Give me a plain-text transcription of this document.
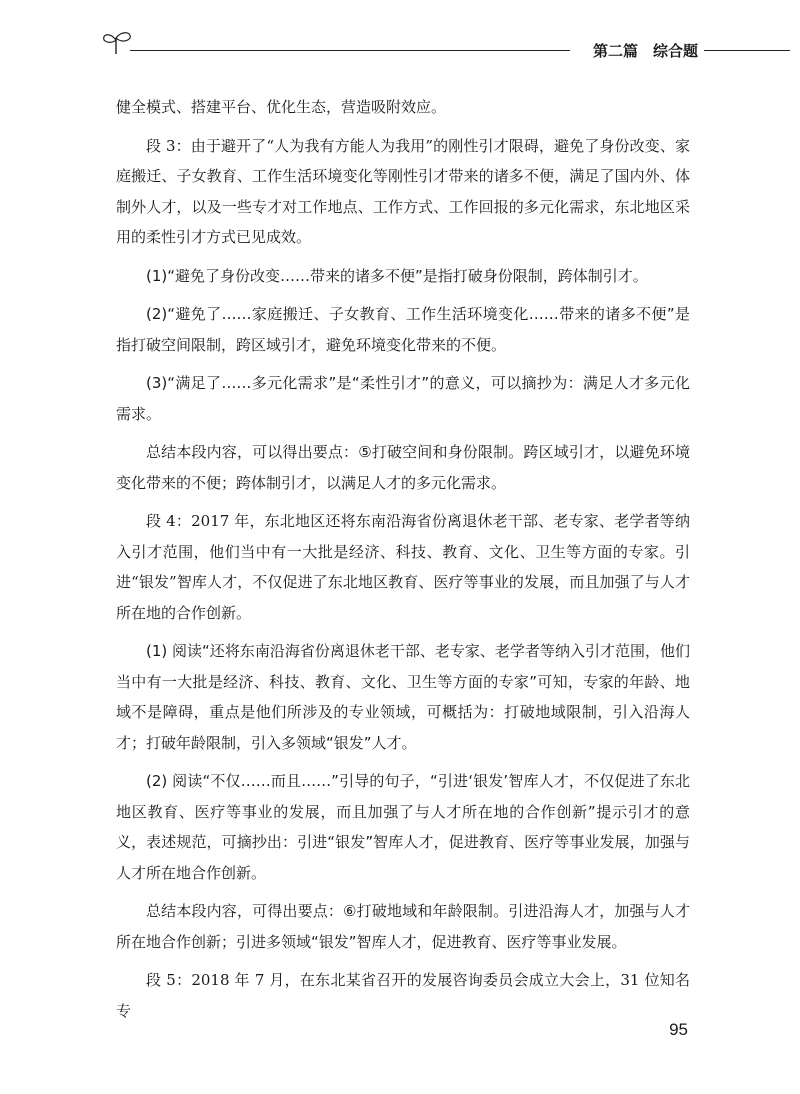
第二篇　综合题

健全模式、搭建平台、优化生态，营造吸附效应。

段 3：由于避开了“人为我有方能人为我用”的刚性引才限碍，避免了身份改变、家庭搬迁、子女教育、工作生活环境变化等刚性引才带来的诸多不便，满足了国内外、体制外人才，以及一些专才对工作地点、工作方式、工作回报的多元化需求，东北地区采用的柔性引才方式已见成效。

(1)“避免了身份改变……带来的诸多不便”是指打破身份限制，跨体制引才。

(2)“避免了……家庭搬迁、子女教育、工作生活环境变化……带来的诸多不便”是指打破空间限制，跨区域引才，避免环境变化带来的不便。

(3)“满足了……多元化需求”是“柔性引才”的意义，可以摘抄为：满足人才多元化需求。

总结本段内容，可以得出要点：⑤打破空间和身份限制。跨区域引才，以避免环境变化带来的不便；跨体制引才，以满足人才的多元化需求。

段 4：2017 年，东北地区还将东南沿海省份离退休老干部、老专家、老学者等纳入引才范围，他们当中有一大批是经济、科技、教育、文化、卫生等方面的专家。引进“银发”智库人才，不仅促进了东北地区教育、医疗等事业的发展，而且加强了与人才所在地的合作创新。

(1) 阅读“还将东南沿海省份离退休老干部、老专家、老学者等纳入引才范围，他们当中有一大批是经济、科技、教育、文化、卫生等方面的专家”可知，专家的年龄、地域不是障碍，重点是他们所涉及的专业领域，可概括为：打破地域限制，引入沿海人才；打破年龄限制，引入多领域“银发”人才。

(2) 阅读“不仅……而且……”引导的句子，“引进‘银发’智库人才，不仅促进了东北地区教育、医疗等事业的发展，而且加强了与人才所在地的合作创新”提示引才的意义，表述规范，可摘抄出：引进“银发”智库人才，促进教育、医疗等事业发展，加强与人才所在地合作创新。

总结本段内容，可得出要点：⑥打破地域和年龄限制。引进沿海人才，加强与人才所在地合作创新；引进多领域“银发”智库人才，促进教育、医疗等事业发展。

段 5：2018 年 7 月，在东北某省召开的发展咨询委员会成立大会上，31 位知名专

95
